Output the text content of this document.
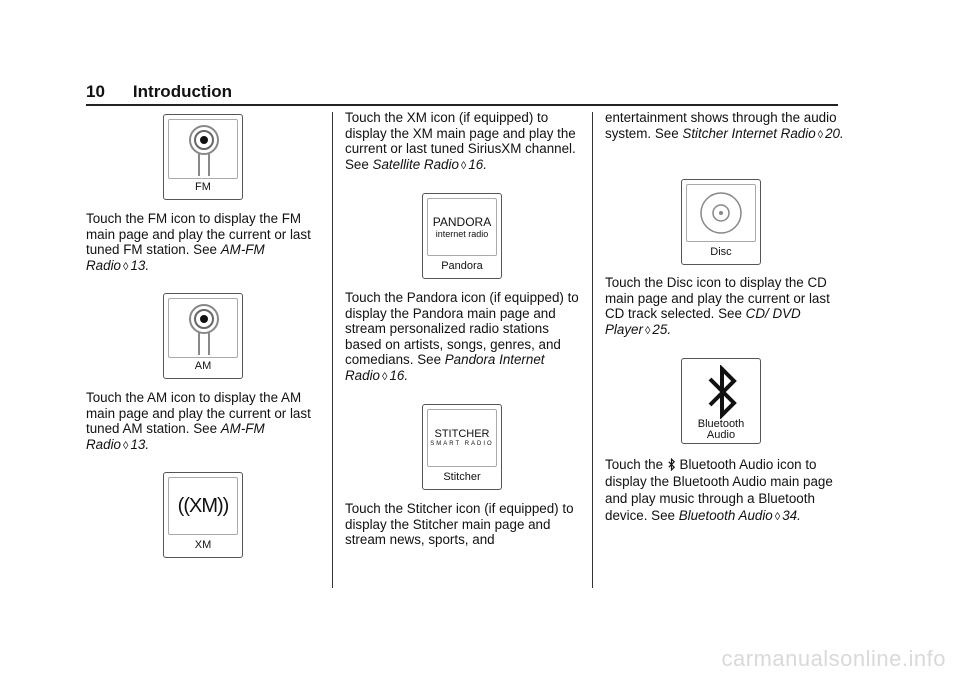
10 Introduction
FM
Touch the FM icon to display the FM main page and play the current or last tuned FM station. See AM-FM Radio ◊ 13.
AM
Touch the AM icon to display the AM main page and play the current or last tuned AM station. See AM-FM Radio ◊ 13.
((XM))
XM
Touch the XM icon (if equipped) to display the XM main page and play the current or last tuned SiriusXM channel. See Satellite Radio ◊ 16.
PANDORA
internet radio
Pandora
Touch the Pandora icon (if equipped) to display the Pandora main page and stream personalized radio stations based on artists, songs, genres, and comedians. See Pandora Internet Radio ◊ 16.
STITCHER
SMART RADIO
Stitcher
Touch the Stitcher icon (if equipped) to display the Stitcher main page and stream news, sports, and
entertainment shows through the audio system. See Stitcher Internet Radio ◊ 20.
Disc
Touch the Disc icon to display the CD main page and play the current or last CD track selected. See CD/ DVD Player ◊ 25.
Bluetooth
Audio
Touch the  Bluetooth Audio icon to display the Bluetooth Audio main page and play music through a Bluetooth device. See Bluetooth Audio ◊ 34.
carmanualsonline.info
